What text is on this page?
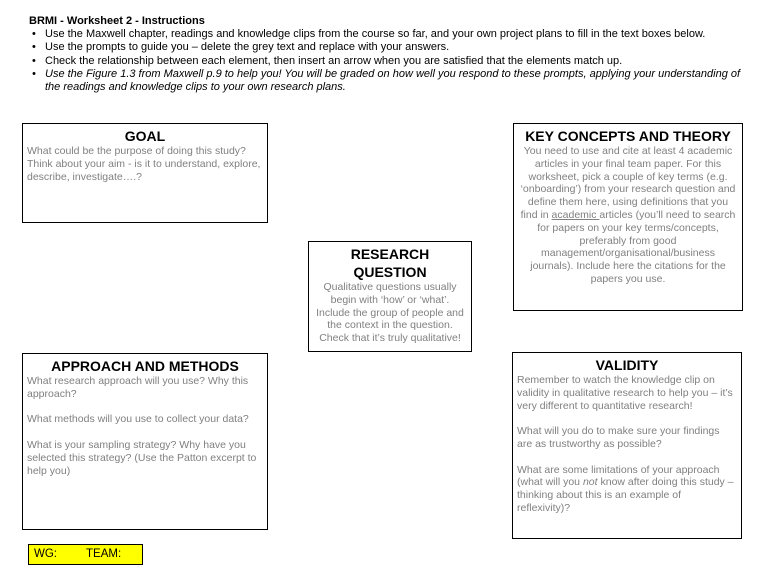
BRMI - Worksheet 2 - Instructions
• Use the Maxwell chapter, readings and knowledge clips from the course so far, and your own project plans to fill in the text boxes below.
• Use the prompts to guide you – delete the grey text and replace with your answers.
• Check the relationship between each element, then insert an arrow when you are satisfied that the elements match up.
• Use the Figure 1.3 from Maxwell p.9 to help you! You will be graded on how well you respond to these prompts, applying your understanding of the readings and knowledge clips to your own research plans.
GOAL

What could be the purpose of doing this study?

Think about your aim - is it to understand, explore, describe, investigate….?

KEY CONCEPTS AND THEORY
You need to use and cite at least 4 academic articles in your final team paper. For this worksheet, pick a couple of key terms (e.g. ‘onboarding’) from your research question and define them here, using definitions that you find in academic articles (you’ll need to search for papers on your key terms/concepts, preferably from good management/organisational/business journals). Include here the citations for the papers you use.
RESEARCH QUESTION
Qualitative questions usually begin with ‘how’ or ‘what’. Include the group of people and the context in the question. Check that it’s truly qualitative!
APPROACH AND METHODS

What research approach will you use? Why this approach?

What methods will you use to collect your data?

What is your sampling strategy? Why have you selected this strategy? (Use the Patton excerpt to help you)

VALIDITY

Remember to watch the knowledge clip on validity in qualitative research to help you – it’s very different to quantitative research!

What will you do to make sure your findings are as trustworthy as possible?

What are some limitations of your approach (what will you not know after doing this study – thinking about this is an example of reflexivity)?

WG:	TEAM:
